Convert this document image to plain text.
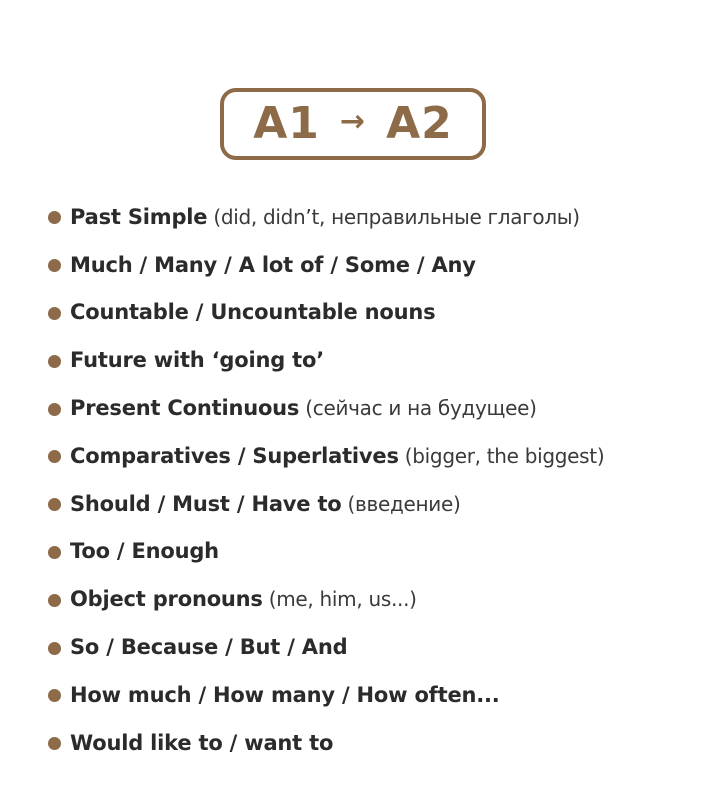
A1 → A2
Past Simple (did, didn’t, неправильные глаголы)
Much / Many / A lot of / Some / Any
Countable / Uncountable nouns
Future with ‘going to’
Present Continuous (сейчас и на будущее)
Comparatives / Superlatives (bigger, the biggest)
Should / Must / Have to (введение)
Too / Enough
Object pronouns (me, him, us...)
So / Because / But / And
How much / How many / How often...
Would like to / want to
